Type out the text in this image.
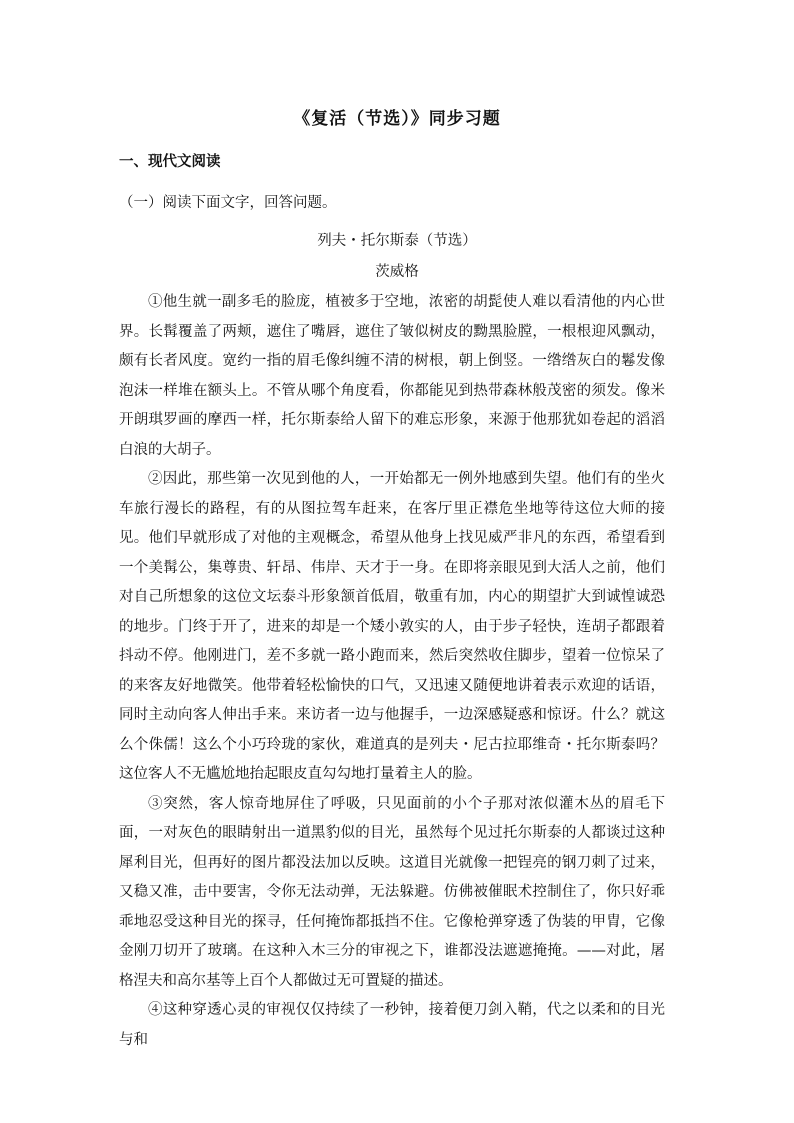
《复活（节选）》同步习题
一、现代文阅读
（一）阅读下面文字，回答问题。
列夫・托尔斯泰（节选）
茨威格

①他生就一副多毛的脸庞，植被多于空地，浓密的胡髭使人难以看清他的内心世界。长髯覆盖了两颊，遮住了嘴唇，遮住了皱似树皮的黝黑脸膛，一根根迎风飘动，颇有长者风度。宽约一指的眉毛像纠缠不清的树根，朝上倒竖。一绺绺灰白的鬈发像泡沫一样堆在额头上。不管从哪个角度看，你都能见到热带森林般茂密的须发。像米开朗琪罗画的摩西一样，托尔斯泰给人留下的难忘形象，来源于他那犹如卷起的滔滔白浪的大胡子。

②因此，那些第一次见到他的人，一开始都无一例外地感到失望。他们有的坐火车旅行漫长的路程，有的从图拉驾车赶来，在客厅里正襟危坐地等待这位大师的接见。他们早就形成了对他的主观概念，希望从他身上找见威严非凡的东西，希望看到一个美髯公，集尊贵、轩昂、伟岸、天才于一身。在即将亲眼见到大活人之前，他们对自己所想象的这位文坛泰斗形象颔首低眉，敬重有加，内心的期望扩大到诚惶诚恐的地步。门终于开了，进来的却是一个矮小敦实的人，由于步子轻快，连胡子都跟着抖动不停。他刚进门，差不多就一路小跑而来，然后突然收住脚步，望着一位惊呆了的来客友好地微笑。他带着轻松愉快的口气，又迅速又随便地讲着表示欢迎的话语，同时主动向客人伸出手来。来访者一边与他握手，一边深感疑惑和惊讶。什么？就这么个侏儒！这么个小巧玲珑的家伙，难道真的是列夫・尼古拉耶维奇・托尔斯泰吗？这位客人不无尴尬地抬起眼皮直勾勾地打量着主人的脸。

③突然，客人惊奇地屏住了呼吸，只见面前的小个子那对浓似灌木丛的眉毛下面，一对灰色的眼睛射出一道黑豹似的目光，虽然每个见过托尔斯泰的人都谈过这种犀利目光，但再好的图片都没法加以反映。这道目光就像一把锃亮的钢刀刺了过来，又稳又准，击中要害，令你无法动弹，无法躲避。仿佛被催眠术控制住了，你只好乖乖地忍受这种目光的探寻，任何掩饰都抵挡不住。它像枪弹穿透了伪装的甲胄，它像金刚刀切开了玻璃。在这种入木三分的审视之下，谁都没法遮遮掩掩。——对此，屠格涅夫和高尔基等上百个人都做过无可置疑的描述。

④这种穿透心灵的审视仅仅持续了一秒钟，接着便刀剑入鞘，代之以柔和的目光与和
